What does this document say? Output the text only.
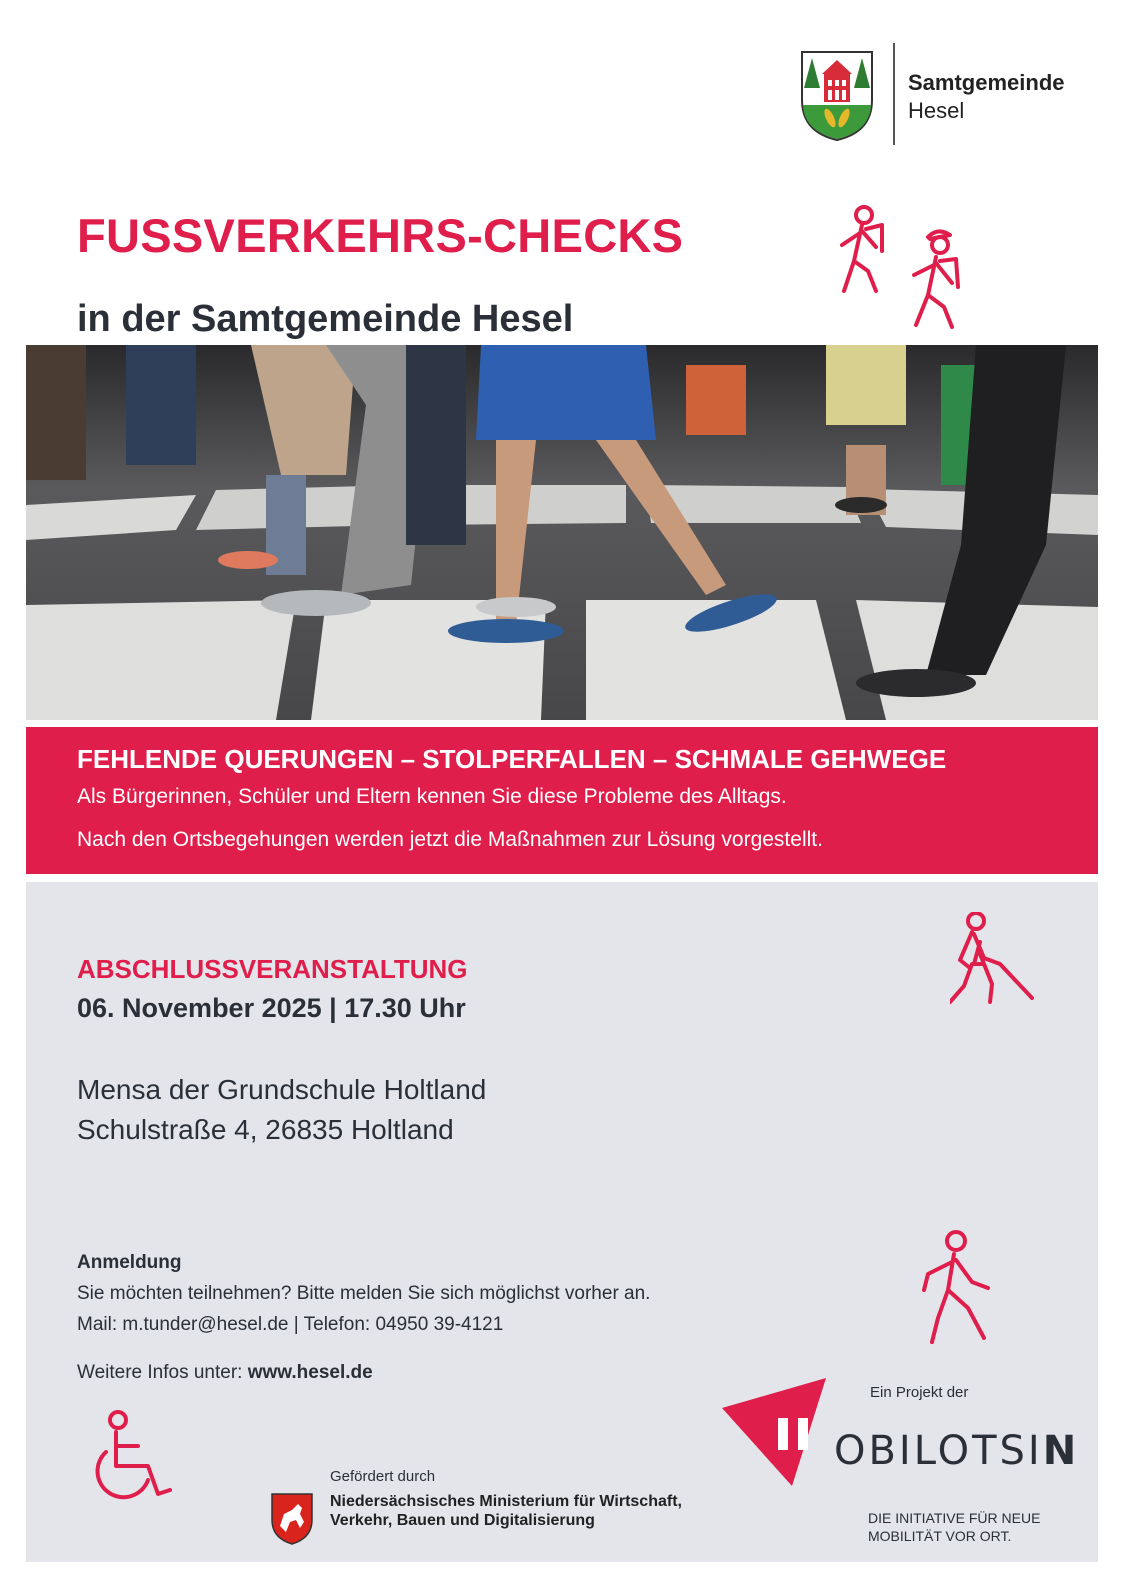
Samtgemeinde
Hesel
FUSSVERKEHRS-CHECKS
in der Samtgemeinde Hesel
FEHLENDE QUERUNGEN – STOLPERFALLEN – SCHMALE GEHWEGE
Als Bürgerinnen, Schüler und Eltern kennen Sie diese Probleme des Alltags.
Nach den Ortsbegehungen werden jetzt die Maßnahmen zur Lösung vorgestellt.
ABSCHLUSSVERANSTALTUNG
06. November 2025 | 17.30 Uhr
Mensa der Grundschule Holtland
Schulstraße 4, 26835 Holtland
Anmeldung
Sie möchten teilnehmen? Bitte melden Sie sich möglichst vorher an.
Mail: m.tunder@hesel.de | Telefon: 04950 39-4121
Weitere Infos unter: www.hesel.de
Gefördert durch
Niedersächsisches Ministerium für Wirtschaft,
Verkehr, Bauen und Digitalisierung
Ein Projekt der
OBILOTSIN
DIE INITIATIVE FÜR NEUE
MOBILITÄT VOR ORT.
